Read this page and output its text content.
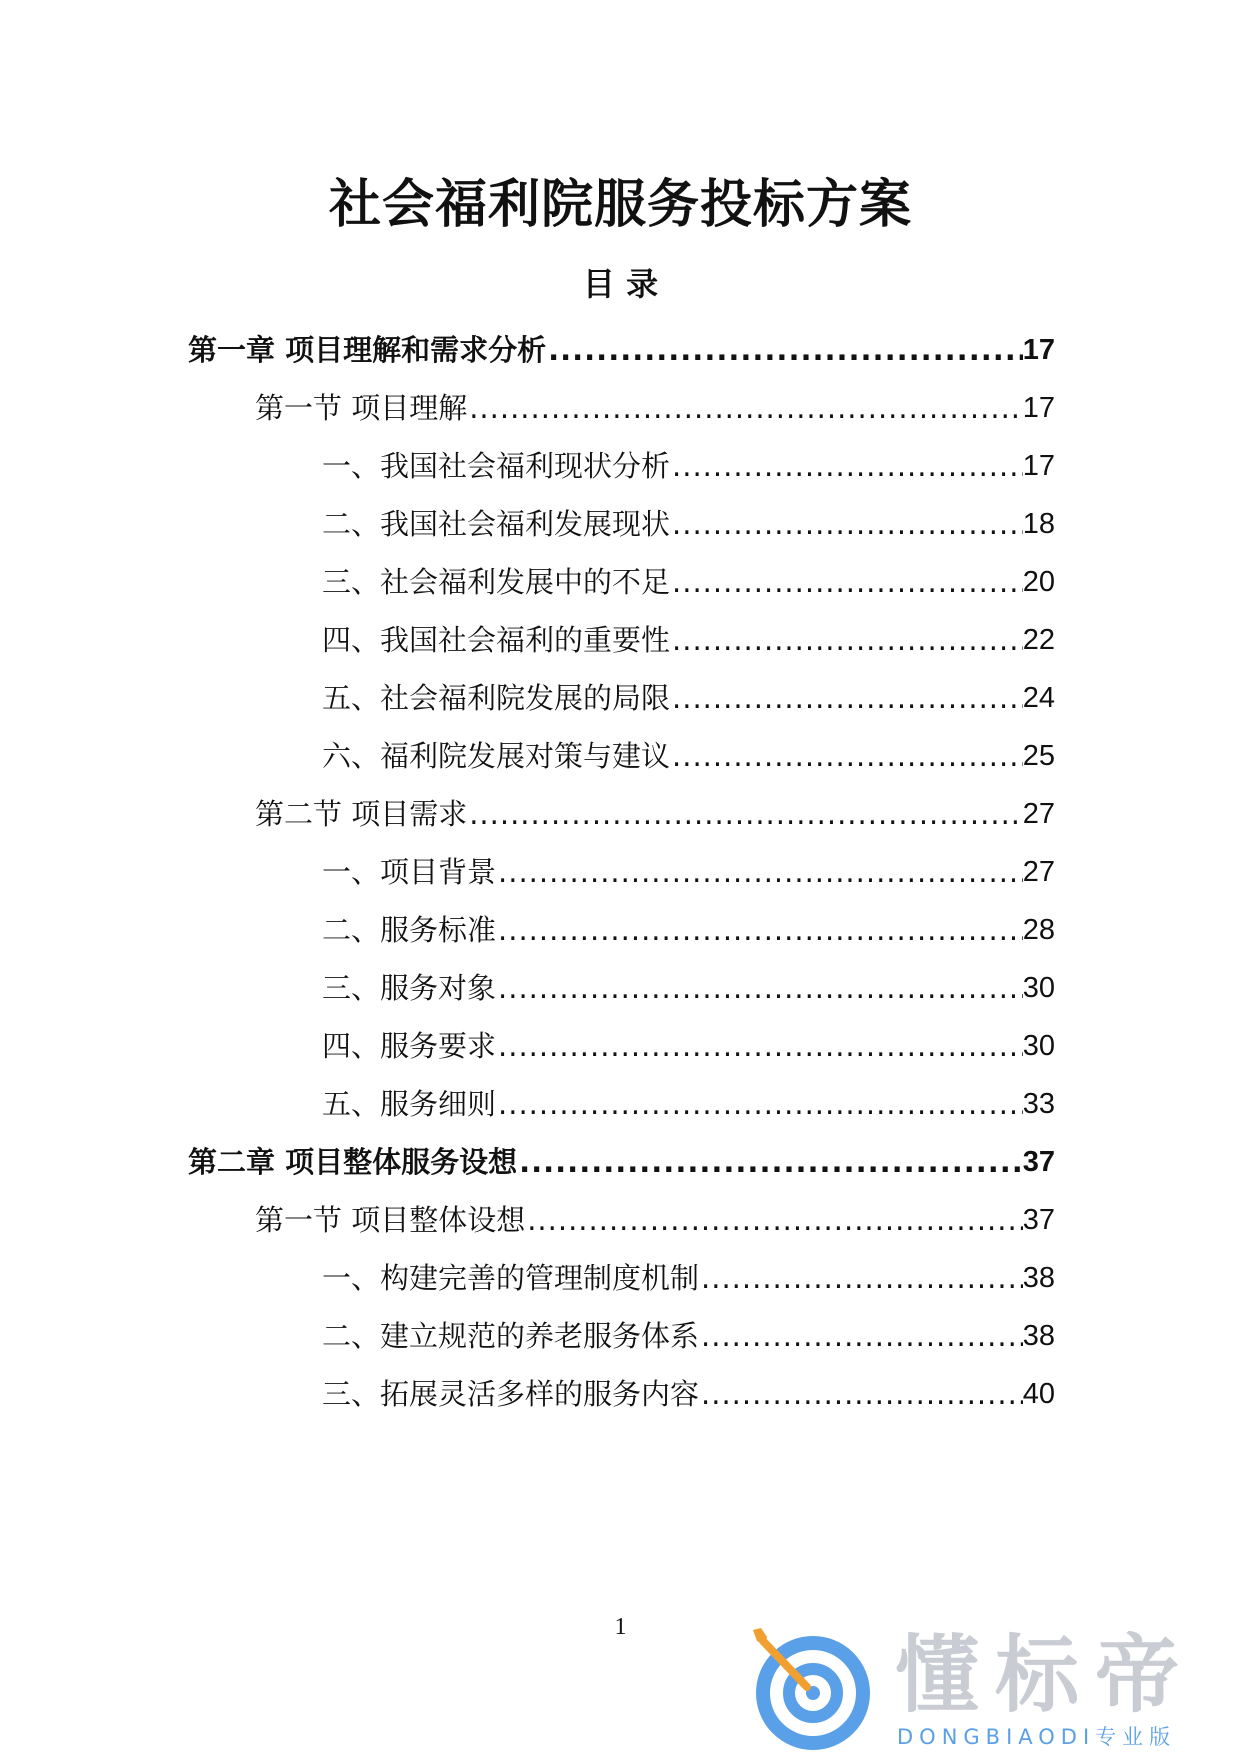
社会福利院服务投标方案
目 录
第一章 项目理解和需求分析 .....	17
第一节 项目理解 .....	17
一、我国社会福利现状分析 .....	17
二、我国社会福利发展现状 .....	18
三、社会福利发展中的不足 .....	20
四、我国社会福利的重要性 .....	22
五、社会福利院发展的局限 .....	24
六、福利院发展对策与建议 .....	25
第二节 项目需求 .....	27
一、项目背景 .....	27
二、服务标准 .....	28
三、服务对象 .....	30
四、服务要求 .....	30
五、服务细则 .....	33
第二章 项目整体服务设想 .....	37
第一节 项目整体设想 .....	37
一、构建完善的管理制度机制 .....	38
二、建立规范的养老服务体系 .....	38
三、拓展灵活多样的服务内容 .....	40
1	懂标帝
DONGBIAODI专业版
